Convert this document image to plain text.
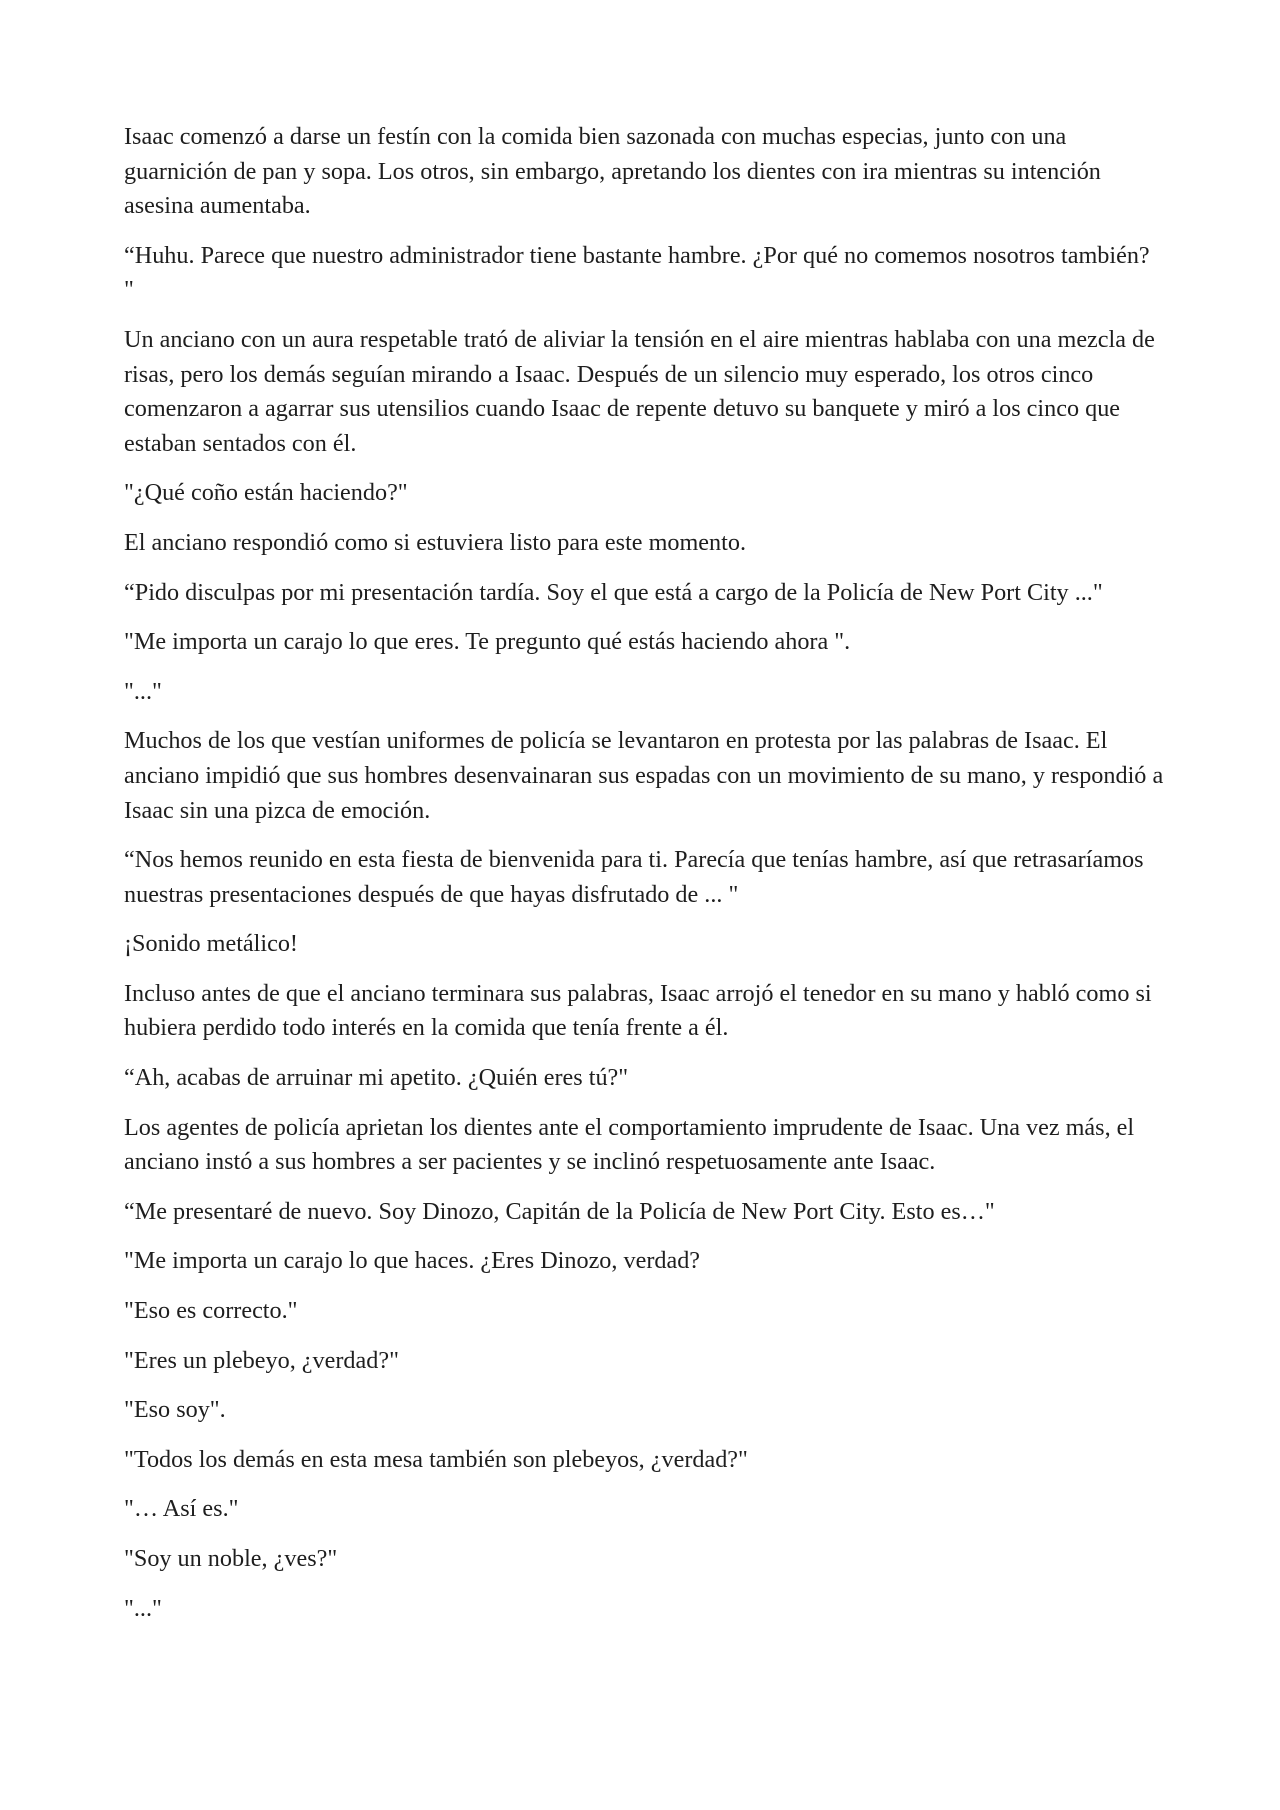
Isaac comenzó a darse un festín con la comida bien sazonada con muchas especias, junto con una guarnición de pan y sopa. Los otros, sin embargo, apretando los dientes con ira mientras su intención asesina aumentaba.

“Huhu. Parece que nuestro administrador tiene bastante hambre. ¿Por qué no comemos nosotros también? "

Un anciano con un aura respetable trató de aliviar la tensión en el aire mientras hablaba con una mezcla de risas, pero los demás seguían mirando a Isaac. Después de un silencio muy esperado, los otros cinco comenzaron a agarrar sus utensilios cuando Isaac de repente detuvo su banquete y miró a los cinco que estaban sentados con él.

"¿Qué coño están haciendo?"

El anciano respondió como si estuviera listo para este momento.

“Pido disculpas por mi presentación tardía. Soy el que está a cargo de la Policía de New Port City ..."

"Me importa un carajo lo que eres. Te pregunto qué estás haciendo ahora ".

"..."

Muchos de los que vestían uniformes de policía se levantaron en protesta por las palabras de Isaac. El anciano impidió que sus hombres desenvainaran sus espadas con un movimiento de su mano, y respondió a Isaac sin una pizca de emoción.

“Nos hemos reunido en esta fiesta de bienvenida para ti. Parecía que tenías hambre, así que retrasaríamos nuestras presentaciones después de que hayas disfrutado de ... "

¡Sonido metálico!

Incluso antes de que el anciano terminara sus palabras, Isaac arrojó el tenedor en su mano y habló como si hubiera perdido todo interés en la comida que tenía frente a él.

“Ah, acabas de arruinar mi apetito. ¿Quién eres tú?"

Los agentes de policía aprietan los dientes ante el comportamiento imprudente de Isaac. Una vez más, el anciano instó a sus hombres a ser pacientes y se inclinó respetuosamente ante Isaac.

“Me presentaré de nuevo. Soy Dinozo, Capitán de la Policía de New Port City. Esto es…"

"Me importa un carajo lo que haces. ¿Eres Dinozo, verdad?

"Eso es correcto."

"Eres un plebeyo, ¿verdad?"

"Eso soy".

"Todos los demás en esta mesa también son plebeyos, ¿verdad?"

"… Así es."

"Soy un noble, ¿ves?"

"..."
